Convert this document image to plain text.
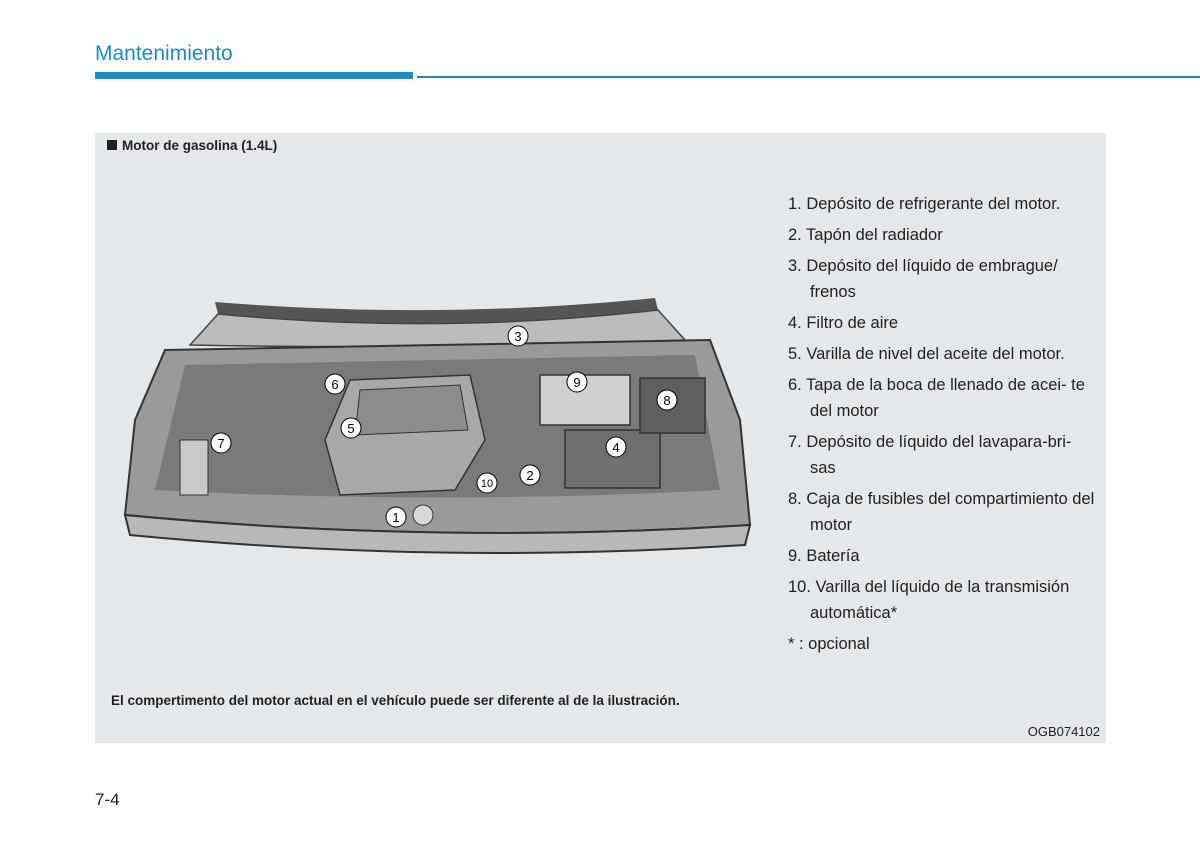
Mantenimiento
Motor de gasolina (1.4L)
1. Depósito de refrigerante del motor.
2. Tapón del radiador
3. Depósito del líquido de embrague/ frenos
4. Filtro de aire
5. Varilla de nivel del aceite del motor.
6. Tapa de la boca de llenado de acei- te del motor
7. Depósito de líquido del lavapara-bri- sas
8. Caja de fusibles del compartimiento del motor
9. Batería
10. Varilla del líquido de la transmisión automática*
* : opcional
El compertimento del motor actual en el vehículo puede ser diferente al de la ilustración.
OGB074102
1
2
3
4
5
6
7
8
9
10
7-4
